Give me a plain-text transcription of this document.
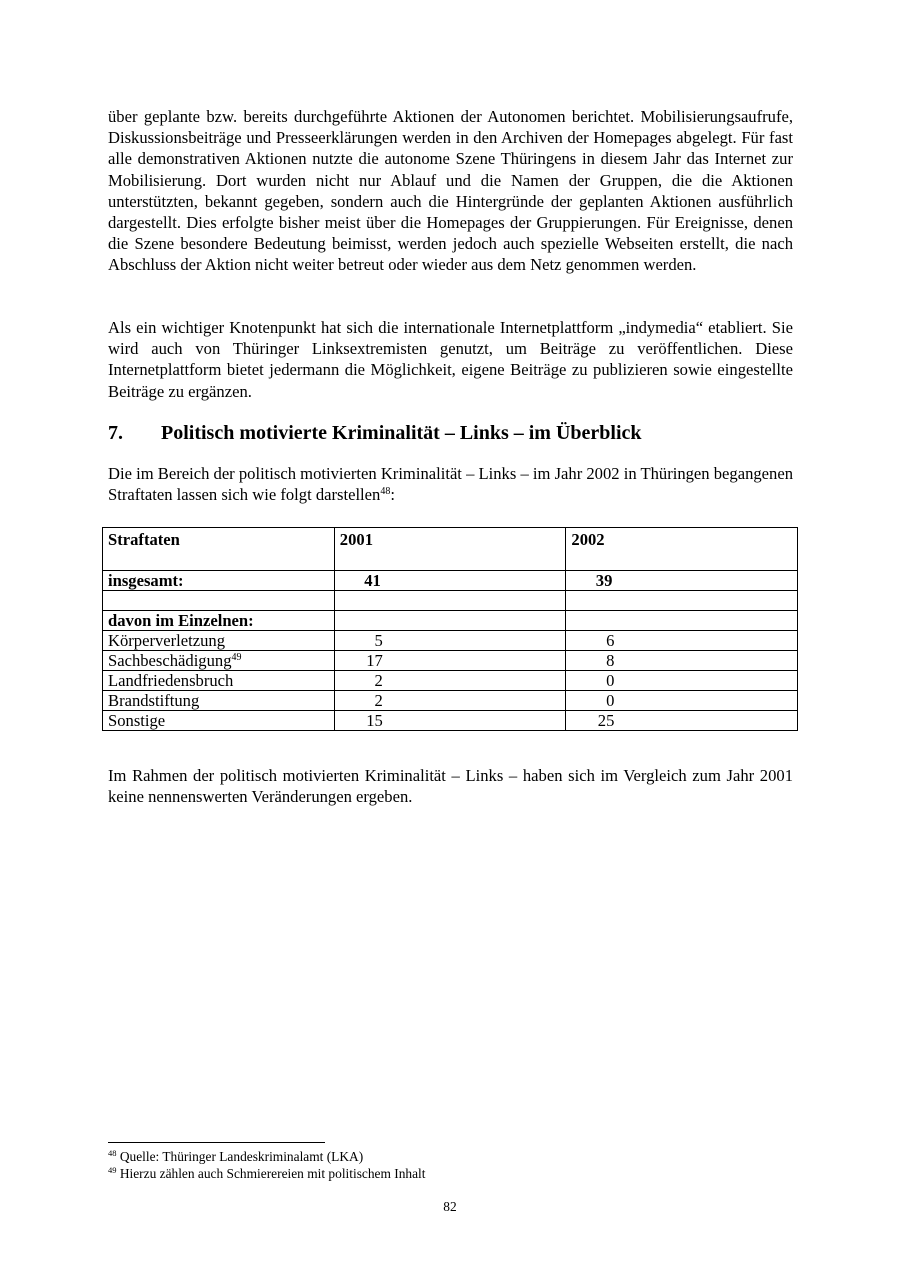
über geplante bzw. bereits durchgeführte Aktionen der Autonomen berichtet. Mobilisierungsaufrufe, Diskussionsbeiträge und Presseerklärungen werden in den Archiven der Homepages abgelegt. Für fast alle demonstrativen Aktionen nutzte die autonome Szene Thüringens in diesem Jahr das Internet zur Mobilisierung. Dort wurden nicht nur Ablauf und die Namen der Gruppen, die die Aktionen unterstützten, bekannt gegeben, sondern auch die Hintergründe der geplanten Aktionen ausführlich dargestellt. Dies erfolgte bisher meist über die Homepages der Gruppierungen. Für Ereignisse, denen die Szene besondere Bedeutung beimisst, werden jedoch auch spezielle Webseiten erstellt, die nach Abschluss der Aktion nicht weiter betreut oder wieder aus dem Netz genommen werden.

Als ein wichtiger Knotenpunkt hat sich die internationale Internetplattform „indymedia“ etabliert. Sie wird auch von Thüringer Linksextremisten genutzt, um Beiträge zu veröffentlichen. Diese Internetplattform bietet jedermann die Möglichkeit, eigene Beiträge zu publizieren sowie eingestellte Beiträge zu ergänzen.

7. Politisch motivierte Kriminalität – Links – im Überblick

Die im Bereich der politisch motivierten Kriminalität – Links – im Jahr 2002 in Thüringen begangenen Straftaten lassen sich wie folgt darstellen$^{48}$:

Straftaten	2001	2002
insgesamt:	41	39

davon im Einzelnen:		
Körperverletzung	5	6
Sachbeschädigung$^{49}$	17	8
Landfriedensbruch	2	0
Brandstiftung	2	0
Sonstige	15	25

Im Rahmen der politisch motivierten Kriminalität – Links – haben sich im Vergleich zum Jahr 2001 keine nennenswerten Veränderungen ergeben.

$^{48}$ Quelle: Thüringer Landeskriminalamt (LKA)

$^{49}$ Hierzu zählen auch Schmierereien mit politischem Inhalt

82
